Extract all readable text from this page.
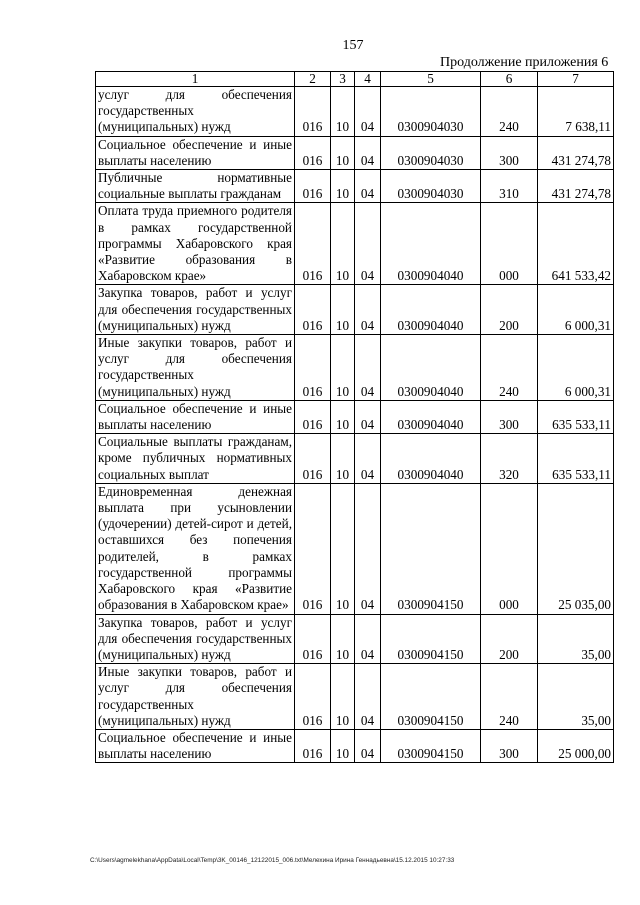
157
Продолжение приложения 6
1	2	3	4	5	6	7
услуг для обеспечения государственных (муниципальных) нужд	016	10	04	0300904030	240	7 638,11
Социальное обеспечение и иные выплаты населению	016	10	04	0300904030	300	431 274,78
Публичные нормативные социальные выплаты гражданам	016	10	04	0300904030	310	431 274,78
Оплата труда приемного родителя в рамках государственной программы Хабаровского края «Развитие образования в Хабаровском крае»	016	10	04	0300904040	000	641 533,42
Закупка товаров, работ и услуг для обеспечения государственных (муниципальных) нужд	016	10	04	0300904040	200	6 000,31
Иные закупки товаров, работ и услуг для обеспечения государственных (муниципальных) нужд	016	10	04	0300904040	240	6 000,31
Социальное обеспечение и иные выплаты населению	016	10	04	0300904040	300	635 533,11
Социальные выплаты гражданам, кроме публичных нормативных социальных выплат	016	10	04	0300904040	320	635 533,11
Единовременная денежная выплата при усыновлении (удочерении) детей-сирот и детей, оставшихся без попечения родителей, в рамках государственной программы Хабаровского края «Развитие образования в Хабаровском крае»	016	10	04	0300904150	000	25 035,00
Закупка товаров, работ и услуг для обеспечения государственных (муниципальных) нужд	016	10	04	0300904150	200	35,00
Иные закупки товаров, работ и услуг для обеспечения государственных (муниципальных) нужд	016	10	04	0300904150	240	35,00
Социальное обеспечение и иные выплаты населению	016	10	04	0300904150	300	25 000,00
C:\Users\agmelekhana\AppData\Local\Temp\3K_00146_12122015_006.txt\Мелехина Ирина Геннадьевна\15.12.2015 10:27:33
